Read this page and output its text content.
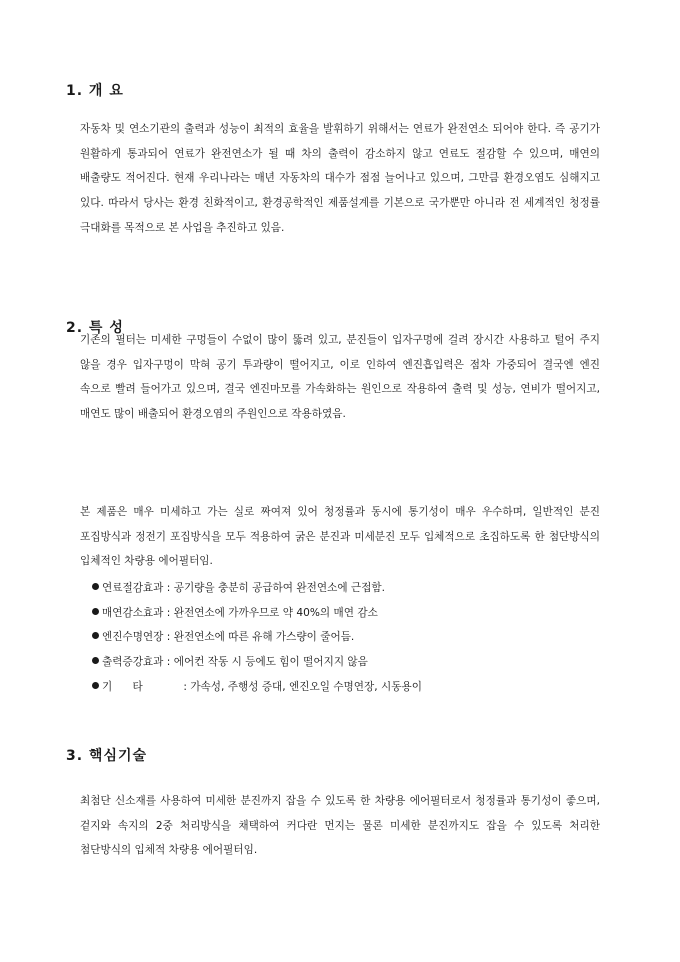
1. 개 요

자동차 및 연소기관의 출력과 성능이 최적의 효율을 발휘하기 위해서는 연료가 완전연소 되어야 한다. 즉 공기가 원활하게 통과되어 연료가 완전연소가 될 때 차의 출력이 감소하지 않고 연료도 절감할 수 있으며, 매연의 배출량도 적어진다. 현재 우리나라는 매년 자동차의 대수가 점점 늘어나고 있으며, 그만큼 환경오염도 심해지고 있다. 따라서 당사는 환경 친화적이고, 환경공학적인 제품설계를 기본으로 국가뿐만 아니라 전 세계적인 청정률 극대화를 목적으로 본 사업을 추진하고 있음.

2. 특 성

기존의 필터는 미세한 구멍들이 수없이 많이 뚫려 있고, 분진들이 입자구멍에 걸려 장시간 사용하고 털어 주지 않을 경우 입자구멍이 막혀 공기 투과량이 떨어지고, 이로 인하여 엔진흡입력은 점차 가중되어 결국엔 엔진 속으로 빨려 들어가고 있으며, 결국 엔진마모를 가속화하는 원인으로 작용하여 출력 및 성능, 연비가 떨어지고, 매연도 많이 배출되어 환경오염의 주원인으로 작용하였음.

본 제품은 매우 미세하고 가는 실로 짜여져 있어 청정률과 동시에 통기성이 매우 우수하며, 일반적인 분진 포집방식과 정전기 포집방식을 모두 적용하여 굵은 분진과 미세분진 모두 입체적으로 초집하도록 한 첨단방식의 입체적인 차량용 에어필터임.

연료절감효과 : 공기량을 충분히 공급하여 완전연소에 근접함.
매연감소효과 : 완전연소에 가까우므로 약 40%의 매연 감소
엔진수명연장 : 완전연소에 따른 유해 가스량이 줄어듬.
출력증강효과 : 에어컨 작동 시 등에도 힘이 떨어지지 않음
기      타	: 가속성, 주행성 증대, 엔진오일 수명연장, 시동용이
3. 핵심기술

최첨단 신소재를 사용하여 미세한 분진까지 잡을 수 있도록 한 차량용 에어필터로서 청정률과 통기성이 좋으며, 겉지와 속지의 2중 처리방식을 채택하여 커다란 먼지는 물론 미세한 분진까지도 잡을 수 있도록 처리한 첨단방식의 입체적 차량용 에어필터임.
